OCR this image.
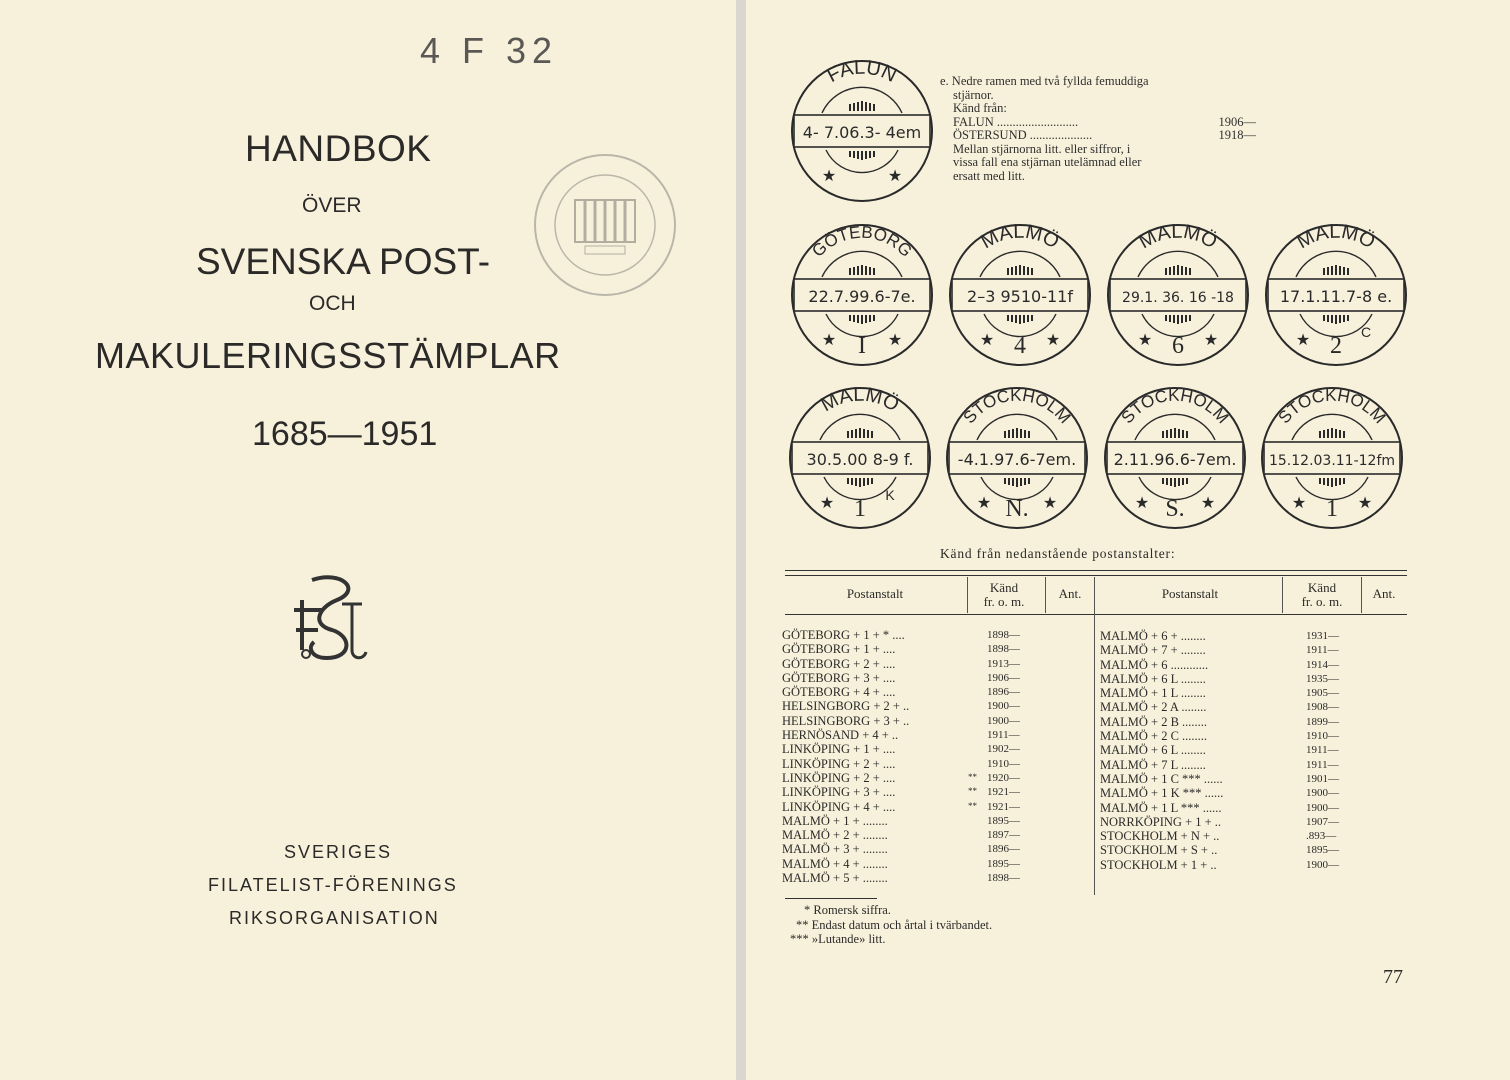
4 F 32
HANDBOK
ÖVER
SVENSKA POST-
OCH
MAKULERINGSSTÄMPLAR
1685—1951
SVERIGES
FILATELIST-FÖRENINGS
RIKSORGANISATION
FALUN
4- 7.06.3- 4em
★	★
GÖTEBORG
22.7.99.6-7e.
★	★
I
MALMÖ
2–3 9510-11f
★	★
4
MALMÖ
29.1. 36. 16 -18
★	★
6
MALMÖ
17.1.11.7-8 e.
★	C
2
MALMÖ
30.5.00 8-9 f.
★	K
1
STOCKHOLM
-4.1.97.6-7em.
★	★
N.
STOCKHOLM
2.11.96.6-7em.
★	★
S.
STOCKHOLM
15.12.03.11-12fm
★	★
1
e. Nedre ramen med två fyllda femuddiga
stjärnor.
Känd från:
FALUN ..........................	1906—
ÖSTERSUND ....................	1918—
Mellan stjärnorna litt. eller siffror, i
vissa fall ena stjärnan utelämnad eller
ersatt med litt.
Känd från nedanstående postanstalter:
Postanstalt	Känd
fr. o. m.
Ant.	Postanstalt	Känd
fr. o. m.
Ant.
GÖTEBORG + 1 + * ....	1898—
GÖTEBORG + 1 + ....	1898—
GÖTEBORG + 2 + ....	1913—
GÖTEBORG + 3 + ....	1906—
GÖTEBORG + 4 + ....	1896—
HELSINGBORG + 2 + ..	1900—
HELSINGBORG + 3 + ..	1900—
HERNÖSAND + 4 + ..	1911—
LINKÖPING + 1 + ....	1902—
LINKÖPING + 2 + ....	1910—
LINKÖPING + 2 + ....	** 1920—
LINKÖPING + 3 + ....	** 1921—
LINKÖPING + 4 + ....	** 1921—
MALMÖ + 1 + ........	1895—
MALMÖ + 2 + ........	1897—
MALMÖ + 3 + ........	1896—
MALMÖ + 4 + ........	1895—
MALMÖ + 5 + ........	1898—
MALMÖ + 6 + ........	1931—
MALMÖ + 7 + ........	1911—
MALMÖ + 6 ............	1914—
MALMÖ + 6 L ........	1935—
MALMÖ + 1 L ........	1905—
MALMÖ + 2 A ........	1908—
MALMÖ + 2 B ........	1899—
MALMÖ + 2 C ........	1910—
MALMÖ + 6 L ........	1911—
MALMÖ + 7 L ........	1911—
MALMÖ + 1 C *** ......	1901—
MALMÖ + 1 K *** ......	1900—
MALMÖ + 1 L *** ......	1900—
NORRKÖPING + 1 + ..	1907—
STOCKHOLM + N + ..	.893—
STOCKHOLM + S + ..	1895—
STOCKHOLM + 1 + ..	1900—
* Romersk siffra.
** Endast datum och årtal i tvärbandet.
*** »Lutande» litt.
77
